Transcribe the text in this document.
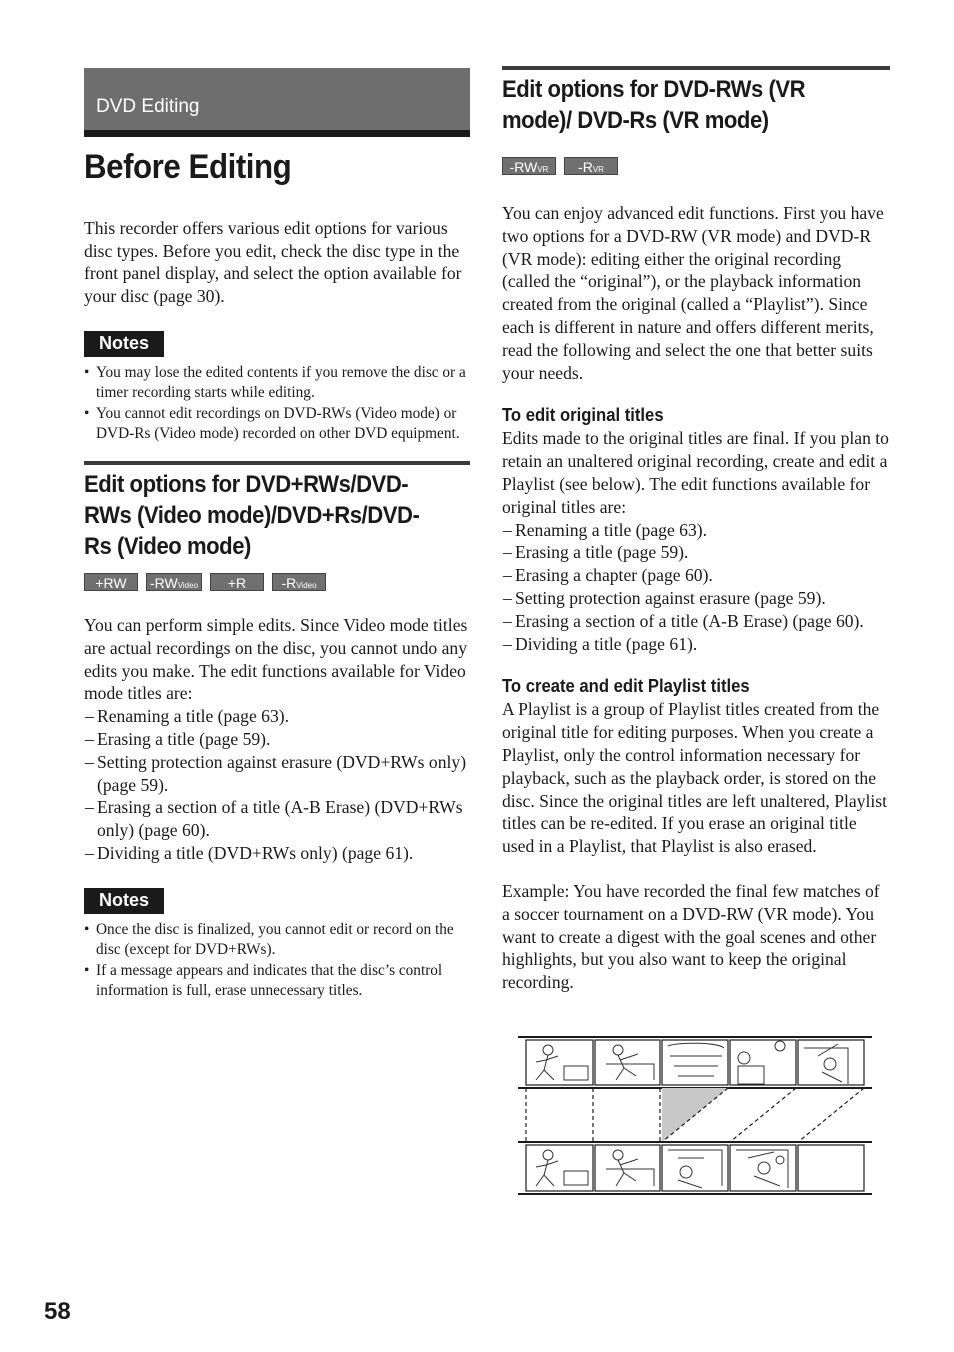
DVD Editing
Before Editing

This recorder offers various edit options for various disc types. Before you edit, check the disc type in the front panel display, and select the option available for your disc (page 30).

Notes
• You may lose the edited contents if you remove the disc or a timer recording starts while editing.
• You cannot edit recordings on DVD-RWs (Video mode) or DVD-Rs (Video mode) recorded on other DVD equipment.
Edit options for DVD+RWs/DVD-RWs (Video mode)/DVD+Rs/DVD-Rs (Video mode)
+RW	-RWVideo	+R	-RVideo

You can perform simple edits. Since Video mode titles are actual recordings on the disc, you cannot undo any edits you make. The edit functions available for Video mode titles are:

– Renaming a title (page 63).
– Erasing a title (page 59).
– Setting protection against erasure (DVD+RWs only) (page 59).
– Erasing a section of a title (A-B Erase) (DVD+RWs only) (page 60).
– Dividing a title (DVD+RWs only) (page 61).
Notes
• Once the disc is finalized, you cannot edit or record on the disc (except for DVD+RWs).
• If a message appears and indicates that the disc’s control information is full, erase unnecessary titles.
Edit options for DVD-RWs (VR mode)/ DVD-Rs (VR mode)
-RWVR	-RVR

You can enjoy advanced edit functions. First you have two options for a DVD-RW (VR mode) and DVD-R (VR mode): editing either the original recording (called the “original”), or the playback information created from the original (called a “Playlist”). Since each is different in nature and offers different merits, read the following and select the one that better suits your needs.

To edit original titles

Edits made to the original titles are final. If you plan to retain an unaltered original recording, create and edit a Playlist (see below). The edit functions available for original titles are:

– Renaming a title (page 63).
– Erasing a title (page 59).
– Erasing a chapter (page 60).
– Setting protection against erasure (page 59).
– Erasing a section of a title (A-B Erase) (page 60).
– Dividing a title (page 61).
To create and edit Playlist titles

A Playlist is a group of Playlist titles created from the original title for editing purposes. When you create a Playlist, only the control information necessary for playback, such as the playback order, is stored on the disc. Since the original titles are left unaltered, Playlist titles can be re-edited. If you erase an original title used in a Playlist, that Playlist is also erased.

Example: You have recorded the final few matches of a soccer tournament on a DVD-RW (VR mode). You want to create a digest with the goal scenes and other highlights, but you also want to keep the original recording.

58
